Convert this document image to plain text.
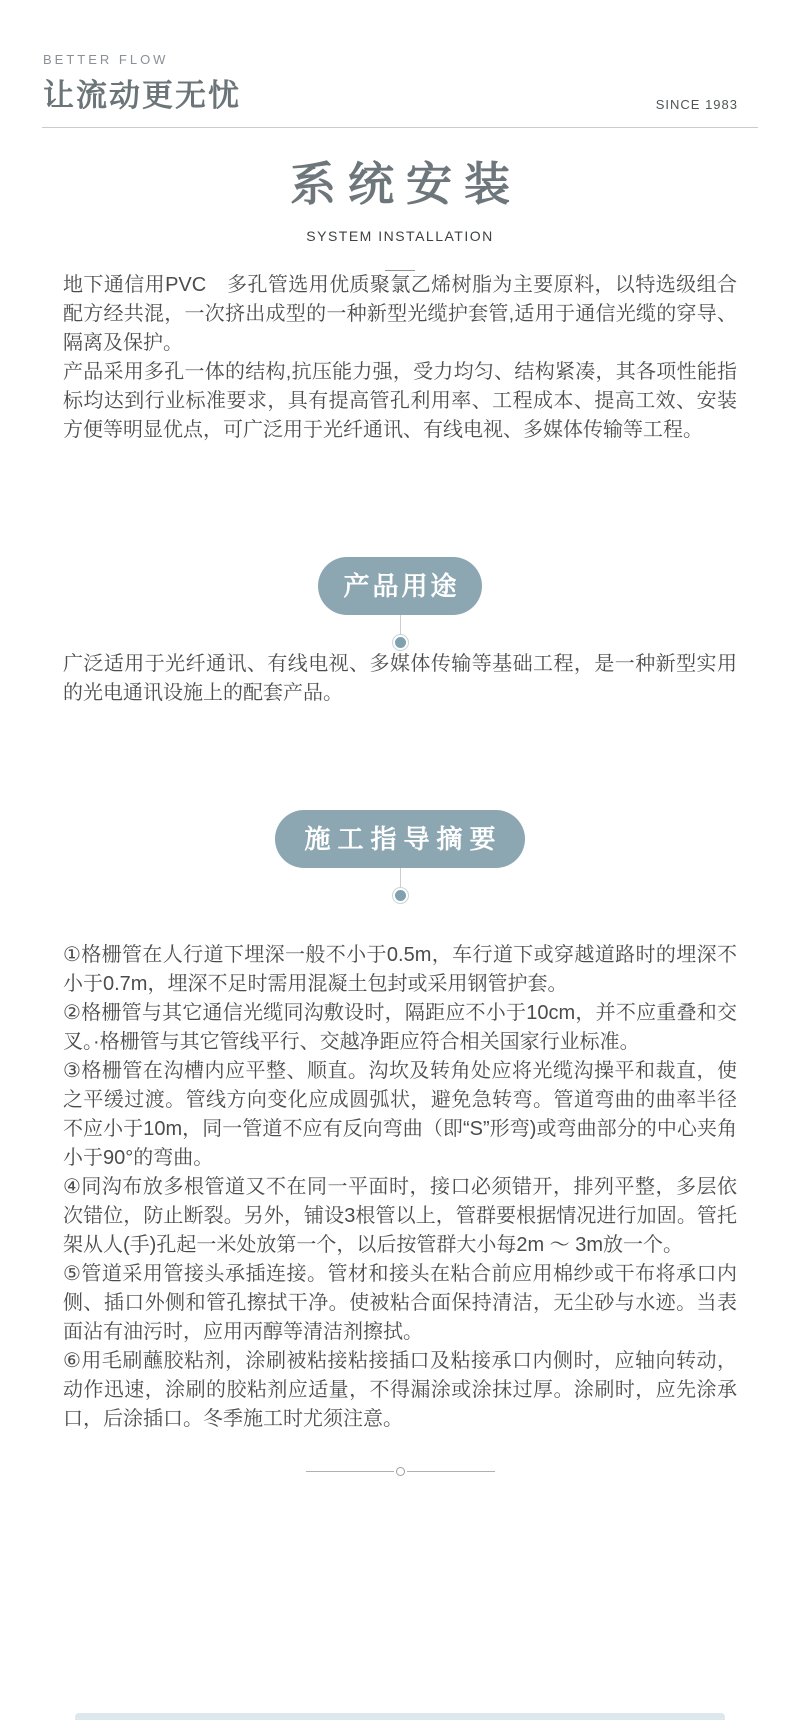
BETTER FLOW
让流动更无忧	SINCE 1983
系统安装
SYSTEM INSTALLATION

地下通信用PVC　多孔管选用优质聚氯乙烯树脂为主要原料，以特选级组合配方经共混，一次挤出成型的一种新型光缆护套管,适用于通信光缆的穿导、隔离及保护。

产品采用多孔一体的结构,抗压能力强，受力均匀、结构紧凑，其各项性能指标均达到行业标准要求，具有提高管孔利用率、工程成本、提高工效、安装方便等明显优点，可广泛用于光纤通讯、有线电视、多媒体传输等工程。

产品用途

广泛适用于光纤通讯、有线电视、多媒体传输等基础工程，是一种新型实用的光电通讯设施上的配套产品。

施工指导摘要

①格栅管在人行道下埋深一般不小于0.5m，车行道下或穿越道路时的埋深不小于0.7m，埋深不足时需用混凝土包封或采用钢管护套。

②格栅管与其它通信光缆同沟敷设时，隔距应不小于10cm，并不应重叠和交叉。·格栅管与其它管线平行、交越净距应符合相关国家行业标准。

③格栅管在沟槽内应平整、顺直。沟坎及转角处应将光缆沟操平和裁直，使之平缓过渡。管线方向变化应成圆弧状，避免急转弯。管道弯曲的曲率半径不应小于10m，同一管道不应有反向弯曲（即“S”形弯)或弯曲部分的中心夹角小于90°的弯曲。

④同沟布放多根管道又不在同一平面时，接口必须错开，排列平整，多层依次错位，防止断裂。另外，铺设3根管以上，管群要根据情况进行加固。管托架从人(手)孔起一米处放第一个，以后按管群大小每2m ～ 3m放一个。

⑤管道采用管接头承插连接。管材和接头在粘合前应用棉纱或干布将承口内侧、插口外侧和管孔擦拭干净。使被粘合面保持清洁，无尘砂与水迹。当表面沾有油污时，应用丙醇等清洁剂擦拭。

⑥用毛刷蘸胶粘剂，涂刷被粘接粘接插口及粘接承口内侧时，应轴向转动，动作迅速，涂刷的胶粘剂应适量，不得漏涂或涂抹过厚。涂刷时，应先涂承口，后涂插口。冬季施工时尤须注意。
